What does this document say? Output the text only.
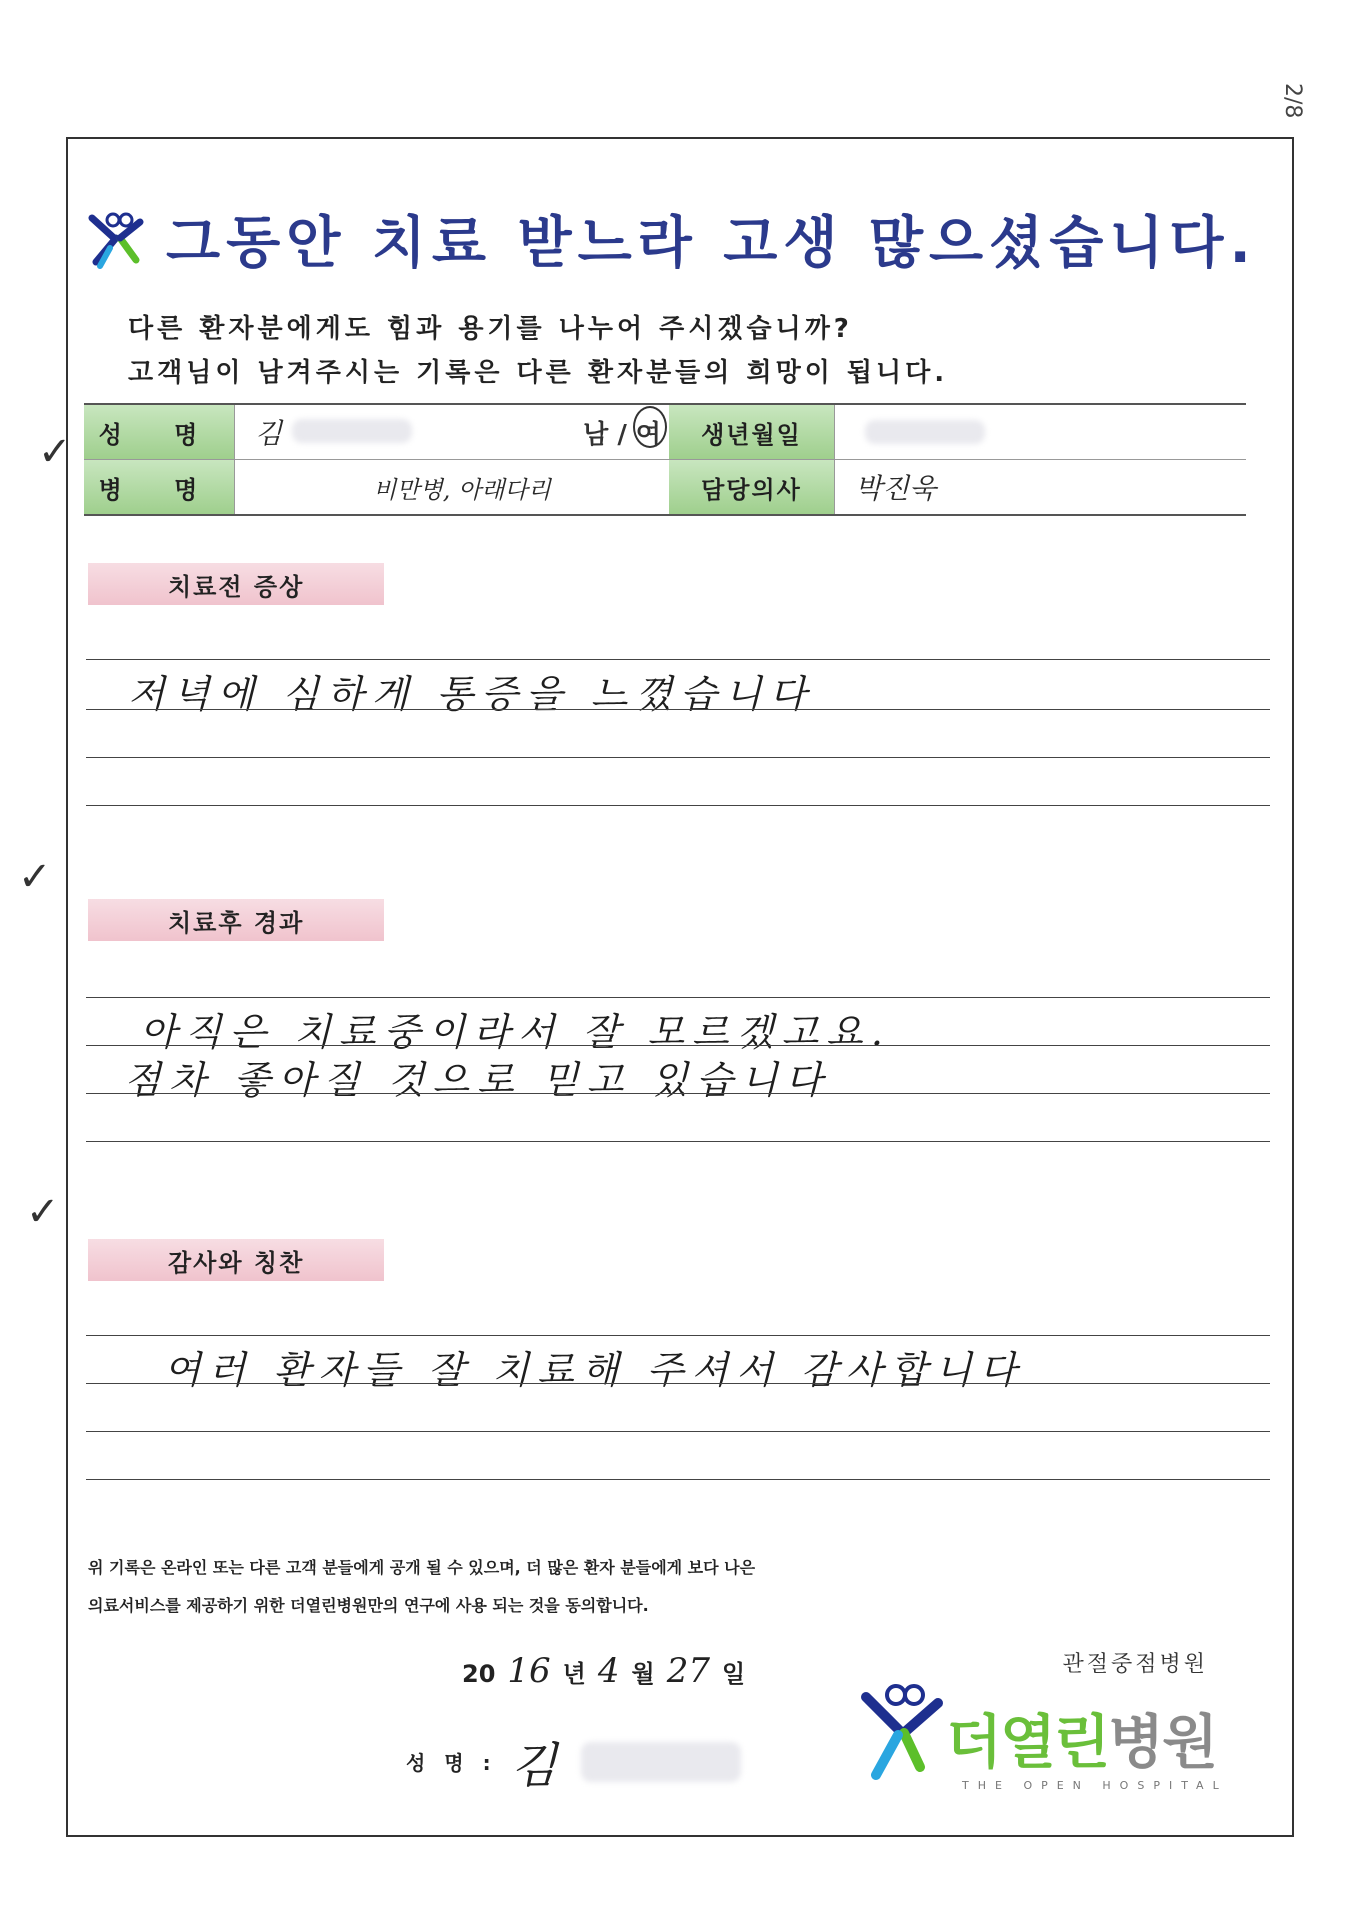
2/8
그동안 치료 받느라 고생 많으셨습니다.
다른 환자분에게도 힘과 용기를 나누어 주시겠습니까?
고객님이 남겨주시는 기록은 다른 환자분들의 희망이 됩니다.
성 명	김	남 / 여	생년월일
병 명	비만병, 아래다리	담당의사	박진욱
✓
치료전 증상
저녁에 심하게 통증을 느꼈습니다
✓
치료후 경과
아직은 치료중이라서 잘 모르겠고요.
점차 좋아질 것으로 믿고 있습니다
✓
감사와 칭찬
여러 환자들 잘 치료해 주셔서 감사합니다
위 기록은 온라인 또는 다른 고객 분들에게 공개 될 수 있으며, 더 많은 환자 분들에게 보다 나은
의료서비스를 제공하기 위한 더열린병원만의 연구에 사용 되는 것을 동의합니다.
20 16 년 4 월 27 일
성 명 : 김
관절중점병원
더열린병원
THE OPEN HOSPITAL
